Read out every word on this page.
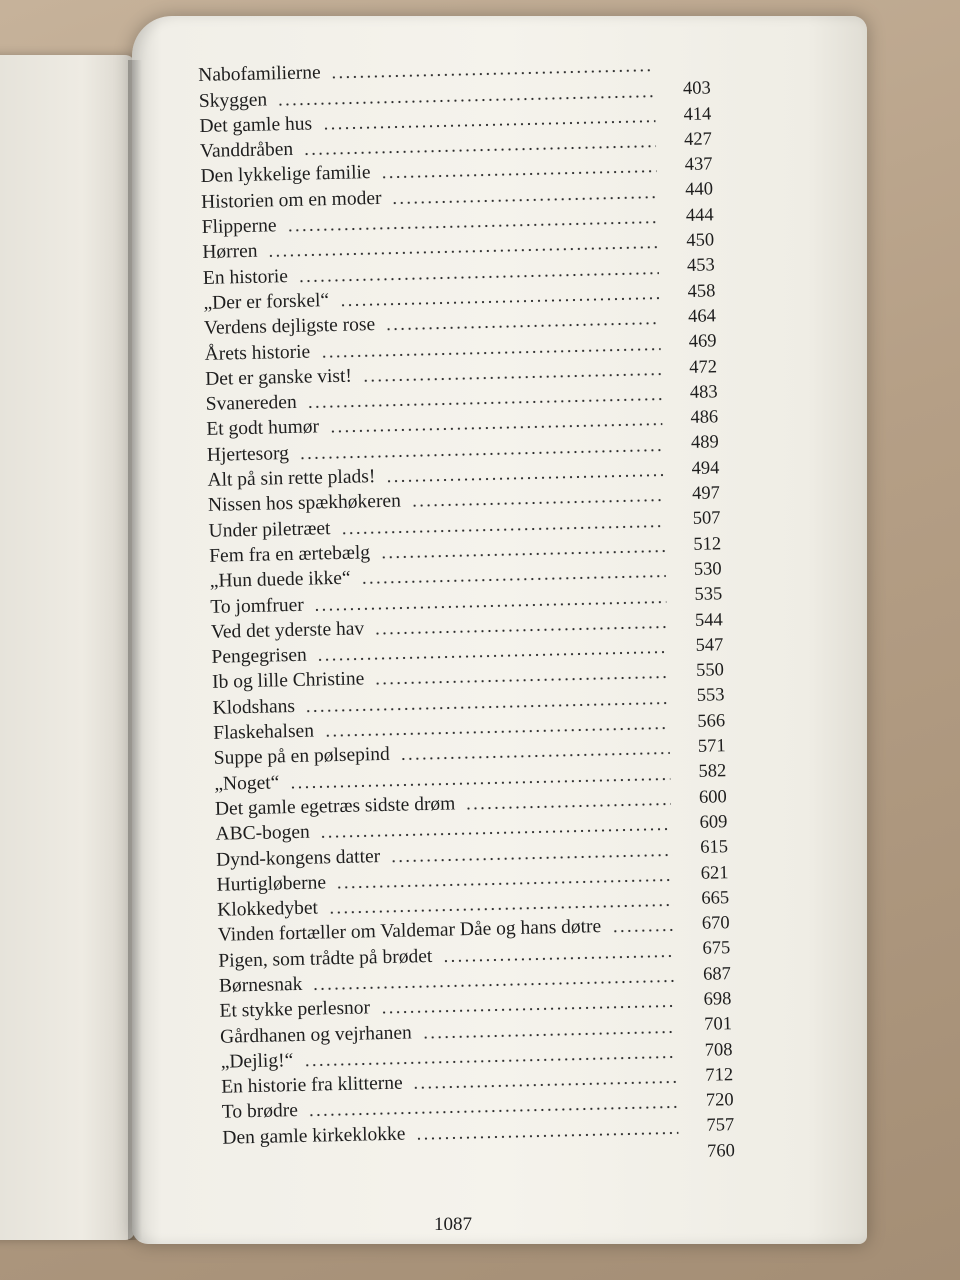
Nabofamilierne
403
Skyggen
414
Det gamle hus
427
Vanddråben
437
Den lykkelige familie
440
Historien om en moder
444
Flipperne
450
Hørren
453
En historie
458
„Der er forskel“
464
Verdens dejligste rose
469
Årets historie
472
Det er ganske vist!
483
Svanereden
486
Et godt humør
489
Hjertesorg
494
Alt på sin rette plads!
497
Nissen hos spækhøkeren
507
Under piletræet
512
Fem fra en ærtebælg
530
„Hun duede ikke“
535
To jomfruer
544
Ved det yderste hav
547
Pengegrisen
550
Ib og lille Christine
553
Klodshans
566
Flaskehalsen
571
Suppe på en pølsepind
582
„Noget“
600
Det gamle egetræs sidste drøm
609
ABC-bogen
615
Dynd-kongens datter
621
Hurtigløberne
665
Klokkedybet
670
Vinden fortæller om Valdemar Dåe og hans døtre
675
Pigen, som trådte på brødet
687
Børnesnak
698
Et stykke perlesnor
701
Gårdhanen og vejrhanen
708
„Dejlig!“
712
En historie fra klitterne
720
To brødre
757
Den gamle kirkeklokke
760
1087
